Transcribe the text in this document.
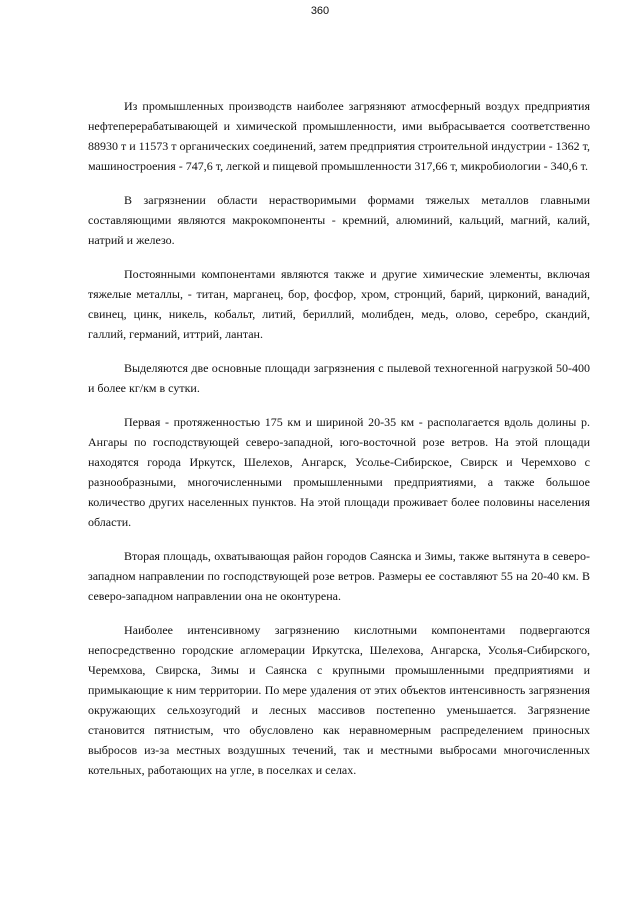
360

Из промышленных производств наиболее загрязняют атмосферный воздух предприятия нефтеперерабатывающей и химической промышленности, ими выбрасывается соответственно 88930 т и 11573 т органических соединений, затем предприятия строительной индустрии - 1362 т, машиностроения - 747,6 т, легкой и пищевой промышленности 317,66 т, микробиологии - 340,6 т.

В загрязнении области нерастворимыми формами тяжелых металлов главными составляющими являются макрокомпоненты - кремний, алюминий, кальций, магний, калий, натрий и железо.

Постоянными компонентами являются также и другие химические элементы, включая тяжелые металлы, - титан, марганец, бор, фосфор, хром, стронций, барий, цирконий, ванадий, свинец, цинк, никель, кобальт, литий, бериллий, молибден, медь, олово, серебро, скандий, галлий, германий, иттрий, лантан.

Выделяются две основные площади загрязнения с пылевой техногенной нагрузкой 50-400 и более кг/км в сутки.

Первая - протяженностью 175 км и шириной 20-35 км - располагается вдоль долины р. Ангары по господствующей северо-западной, юго-восточной розе ветров. На этой площади находятся города Иркутск, Шелехов, Ангарск, Усолье-Сибирское, Свирск и Черемхово с разнообразными, многочисленными промышленными предприятиями, а также большое количество других населенных пунктов. На этой площади проживает более половины населения области.

Вторая площадь, охватывающая район городов Саянска и Зимы, также вытянута в северо-западном направлении по господствующей розе ветров. Размеры ее составляют 55 на 20-40 км. В северо-западном направлении она не оконтурена.

Наиболее интенсивному загрязнению кислотными компонентами подвергаются непосредственно городские агломерации Иркутска, Шелехова, Ангарска, Усолья-Сибирского, Черемхова, Свирска, Зимы и Саянска с крупными промышленными предприятиями и примыкающие к ним территории. По мере удаления от этих объектов интенсивность загрязнения окружающих сельхозугодий и лесных массивов постепенно уменьшается. Загрязнение становится пятнистым, что обусловлено как неравномерным распределением приносных выбросов из-за местных воздушных течений, так и местными выбросами многочисленных котельных, работающих на угле, в поселках и селах.
